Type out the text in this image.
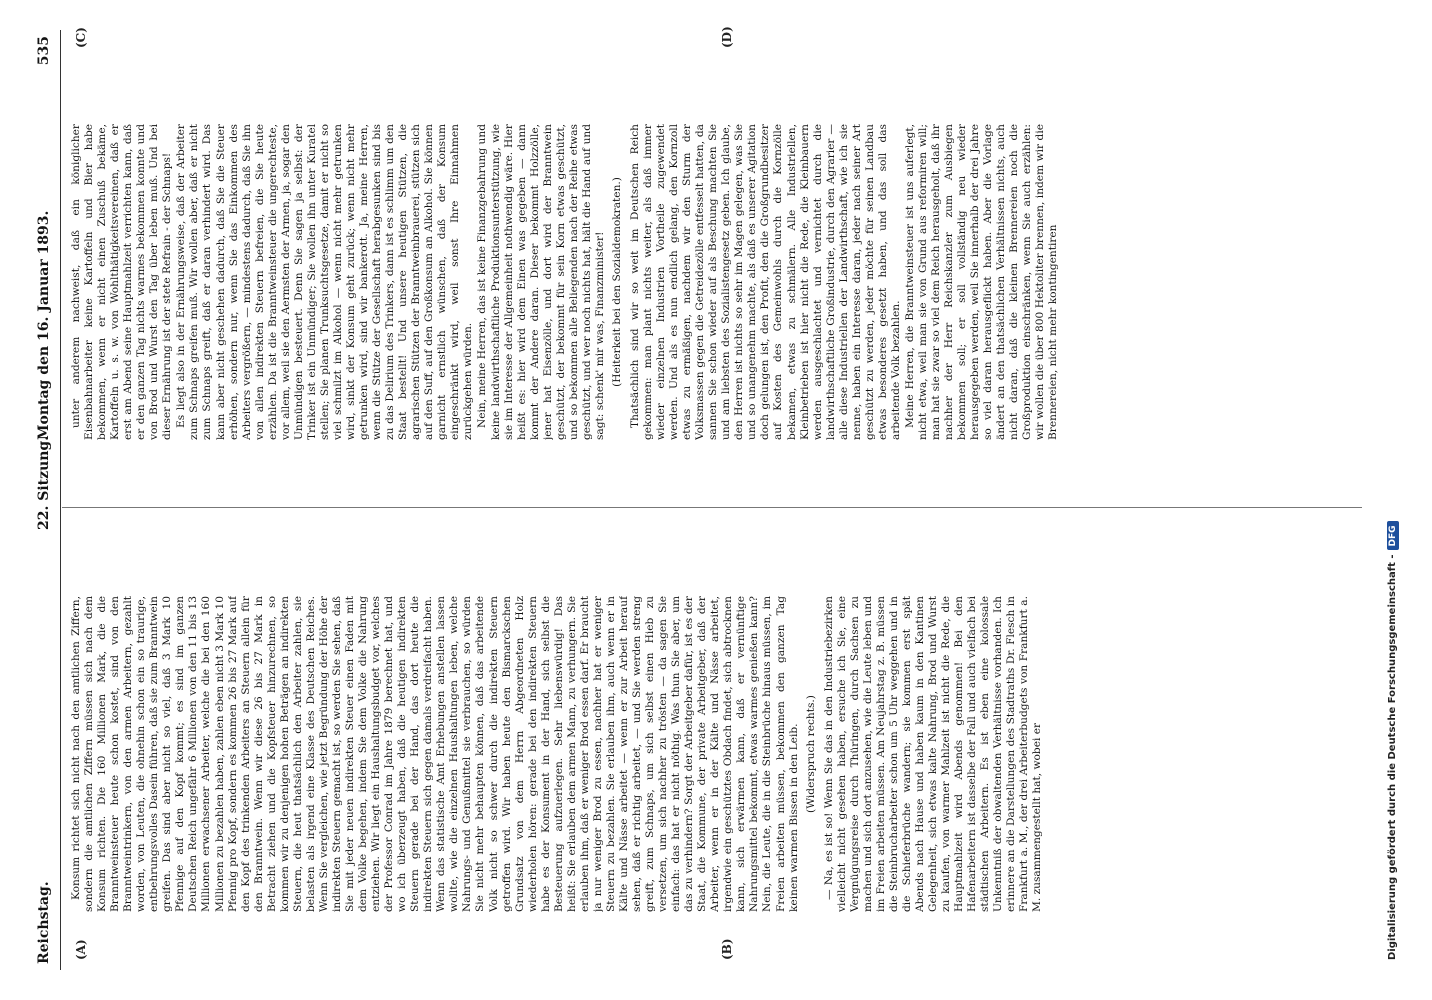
Reichstag.
22. Sitzung.
535
Montag den 16. Januar 1893.
(A)	(B)
(C)	(D)

Konsum richtet sich nicht nach den amtlichen Ziffern, sondern die amtlichen Ziffern müssen sich nach dem Konsum richten. Die 160 Millionen Mark, die die Branntweinsteuer heute schon kostet, sind von den Branntweintrinkern, von den armen Arbeitern, gezahlt worden, von Leuten, die ohnehin schon ein so traurige, entbehrungsvolles Dasein führen, daß sie zum Branntwein greifen. Das sind aber nicht so viel, daß 3 Mark 10 Pfennige auf den Kopf kommt; es sind im ganzen Deutschen Reich ungefähr 6 Millionen von den 11 bis 13 Millionen erwachsener Arbeiter, welche die bei den 160 Millionen zu bezahlen haben, zahlen eben nicht 3 Mark 10 Pfennig pro Kopf, sondern es kommen 26 bis 27 Mark auf den Kopf des trinkenden Arbeiters an Steuern allein für den Branntwein. Wenn wir diese 26 bis 27 Mark in Betracht ziehen und die Kopfsteuer hinzurechnen, so kommen wir zu denjenigen hohen Beträgen an indirekten Steuern, die heut thatsächlich den Arbeiter zahlen, sie belasten als irgend eine Klasse des Deutschen Reiches. Wenn Sie vergleichen, wie jetzt Begründung der Höhe der indirekten Steuern gemacht ist, so werden Sie sehen, daß Sie mit jeder neuen indirekten Steuer einen Faden mit dem Volke begehen, indem Sie dem Volke die Nahrung entziehen. Wir liegt ein Haushaltungsbudget vor, welches der Professor Conrad im Jahre 1879 berechnet hat, und wo ich überzeugt haben, daß die heutigen indirekten Steuern gerade bei der Hand, das dort heute die indirekten Steuern sich gegen damals verdreifacht haben. Wenn das statistische Amt Erhebungen anstellen lassen wollte, wie die einzelnen Haushaltungen leben, welche Nahrungs- und Genußmittel sie verbrauchen, so würden Sie nicht mehr behaupten können, daß das arbeitende Volk nicht so schwer durch die indirekten Steuern getroffen wird. Wir haben heute den Bismarckschen Grundsatz von dem Herrn Abgeordneten Holz wiederholen hören: gerade bei den indirekten Steuern habe es der Konsument in der Hand, sich selbst die Besteuerung aufzuerlegen. Sehr liebenswürdig! Das heißt: Sie erlauben dem armen Mann, zu verhungern. Sie erlauben ihm, daß er weniger Brod essen darf. Er braucht ja nur weniger Brod zu essen, nachher hat er weniger Steuern zu bezahlen. Sie erlauben ihm, auch wenn er in Kälte und Nässe arbeitet — wenn er zur Arbeit herauf sehen, daß er richtig arbeitet, — und Sie werden streng greift, zum Schnaps, um sich selbst einen Hieb zu versetzen, um sich nachher zu trösten — da sagen Sie einfach: das hat er nicht nöthig. Was thun Sie aber, um das zu verhindern? Sorgt der Arbeitgeber dafür, ist es der Staat, die Kommune, der private Arbeitgeber, daß der Arbeiter, wenn er in der Kälte und Nässe arbeitet, irgendwie ein geschütztes Obdach findet, sich abtrocknen kann, sich erwärmen kann, daß er vernünftige Nahrungsmittel bekommt, etwas warmes genießen kann? Nein, die Leute, die in die Steinbrüche hinaus müssen, im Freien arbeiten müssen, bekommen den ganzen Tag keinen warmen Bissen in den Leib. (Widerspruch rechts.) — Na, es ist so! Wenn Sie das in den Industriebezirken vielleicht nicht gesehen haben, ersuche ich Sie, eine Vergnügungsreise durch Thüringen, durch Sachsen zu machen und sich dort anzusehen, wie die Leute leben und im Freien arbeiten müssen. Am Neujahrstag z. B. müssen die Steinbrucharbeiter schon um 5 Uhr weggehen und in die Schieferbrüche wandern; sie kommen erst spät Abends nach Hause und haben kaum in den Kantinen Gelegenheit, sich etwas kalte Nahrung, Brod und Wurst zu kaufen, von warmer Mahlzeit ist nicht die Rede, die Hauptmahlzeit wird Abends genommen! Bei den Hafenarbeitern ist dasselbe der Fall und auch vielfach bei städtischen Arbeitern. Es ist eben eine kolossale Unkenntniß der obwaltenden Verhältnisse vorhanden. Ich erinnere an die Darstellungen des Stadtraths Dr. Flesch in Frankfurt a. M., der drei Arbeiterbudgets von Frankfurt a. M. zusammengestellt hat, wobei er

unter anderem nachweist, daß ein königlicher Eisenbahnarbeiter keine Kartoffeln und Bier habe bekommen, wenn er nicht einen Zuschuß bekäme, Kartoffeln u. s. w. von Wohlthätigkeitsvereinen, daß er erst am Abend seine Hauptmahlzeit verrichten kann, daß er den ganzen Tag nichts warmes bekommen konnte und von Brod und Wurst den Tag über leben muß. Und bei dieser Ernährung ist der stete Refrain - der Schnaps! Es liegt also in der Ernährungsweise, daß der Arbeiter zum Schnaps greifen muß. Wir wollen aber, daß er nicht zum Schnaps greift, daß er daran verhindert wird. Das kann aber nicht geschehen dadurch, daß Sie die Steuer erhöhen, sondern nur, wenn Sie das Einkommen des Arbeiters vergrößern, — mindestens dadurch, daß Sie ihn von allen indirekten Steuern befreien, die Sie heute erzählen. Da ist die Branntweinsteuer die ungerechteste, vor allem, weil sie den Aermsten der Armen, ja, sogar den Unmündigen besteuert. Denn Sie sagen ja selbst: der Trinker ist ein Unmündiger; Sie wollen ihn unter Kuratel stellen; Sie planen Trunksuchtsgesetze, damit er nicht so viel schmilzt im Alkohol — wenn nicht mehr getrunken wird, sinkt der Konsum geht zurück; wenn nicht mehr getrunken wird, sind wir bankerott. Ja, meine Herren, wenn die Stütze der Gesellschaft herabgesunken sind bis zu das Delirium des Trinkers, dann ist es schlimm um den Staat bestellt! Und unsere heutigen Stützen, die agrarischen Stützen der Branntweinbrauerei, stützen sich auf den Suff, auf den Großkonsum an Alkohol. Sie können garnicht ernstlich wünschen, daß der Konsum eingeschränkt wird, weil sonst Ihre Einnahmen zurückgehen würden. Nein, meine Herren, das ist keine Finanzgebahrung und keine landwirthschaftliche Produktionsunterstützung, wie sie im Interesse der Allgemeinheit nothwendig wäre. Hier heißt es: hier wird dem Einen was gegeben — dann kommt der Andere daran. Dieser bekommt Holzzölle, jener hat Eisenzölle, und dort wird der Branntwein geschützt, der bekommt für sein Korn etwas geschützt, und so bekommen alle Beliegenden nach der Reihe etwas geschützt, und wer noch nichts hat, hält die Hand auf und sagt: schenk' mir was, Finanzminister! (Heiterkeit bei den Sozialdemokraten.) Thatsächlich sind wir so weit im Deutschen Reich gekommen: man plant nichts weiter, als daß immer wieder einzelnen Industrien Vortheile zugewendet werden. Und als es nun endlich gelang, den Kornzoll etwas zu ermäßigen, nachdem wir den Sturm der Volksmassen gegen die Getreidezölle entfesselt hatten, da sannen Sie schon wieder auf als Beschung machten Sie und am liebsten des Sozialistengesetz geben. Ich glaube, den Herren ist nichts so sehr im Magen gelegen, was Sie und so unangenehm machte, als daß es unserer Agitation doch gelungen ist, den Profit, den die Großgrundbesitzer auf Kosten des Gemeinwohls durch die Kornzölle bekamen, etwas zu schmälern. Alle Industriellen, Kleinbetrieben ist hier nicht die Rede, die Kleinbauern werden ausgeschlachtet und vernichtet durch die landwirthschaftliche Großindustrie, durch den Agrarier — alle diese Industriellen der Landwirthschaft, wie ich sie nenne, haben ein Interesse daran, jeder nach seiner Art geschützt zu werden, jeder möchte für seinen Landbau etwas besonderes gesetzt haben, und das soll das arbeitende Volk bezahlen. Meine Herren, die Branntweinsteuer ist uns auferlegt, nicht etwa, weil man sie von Grund aus reformiren will; man hat sie zwar so viel dem Reich herausgeholt, daß ihr nachher der Herr Reichskanzler zum Ausbiegen bekommen soll; er soll vollständig neu wieder herausgegeben werden, weil Sie innerhalb der drei Jahre so viel daran herausgeflickt haben. Aber die Vorlage ändert an den thatsächlichen Verhältnissen nichts, auch nicht daran, daß die kleinen Brennereien noch die Großproduktion einschränken, wenn Sie auch erzählen: wir wollen die über 800 Hektoliter brennen, indem wir die Brennereien, nicht mehr kontingentiren

Digitalisierung gefördert durch die Deutsche Forschungsgemeinschaft -DFG
